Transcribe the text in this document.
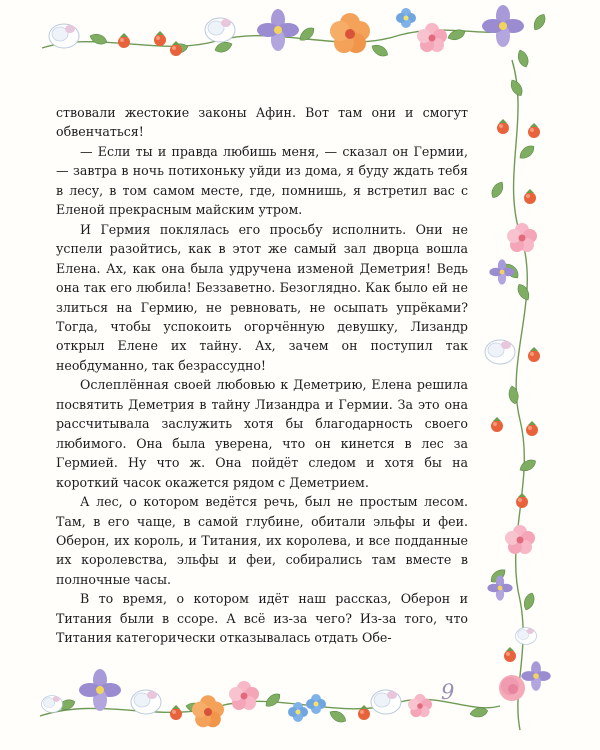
ствовали жестокие законы Афин. Вот там они и смогут обвенчаться!

— Если ты и правда любишь меня, — сказал он Гермии, — завтра в ночь потихоньку уйди из дома, я буду ждать тебя в лесу, в том самом месте, где, помнишь, я встретил вас с Еленой прекрасным майским утром.

И Гермия поклялась его просьбу исполнить. Они не успели разойтись, как в этот же самый зал дворца вошла Елена. Ах, как она была удручена изменой Деметрия! Ведь она так его любила! Беззаветно. Безоглядно. Как было ей не злиться на Гермию, не ревновать, не осыпать упрёками? Тогда, чтобы успокоить огорчённую девушку, Лизандр открыл Елене их тайну. Ах, зачем он поступил так необдуманно, так безрассудно!

Ослеплённая своей любовью к Деметрию, Елена решила посвятить Деметрия в тайну Лизандра и Гермии. За это она рассчитывала заслужить хотя бы благодарность своего любимого. Она была уверена, что он кинется в лес за Гермией. Ну что ж. Она пойдёт следом и хотя бы на короткий часок окажется рядом с Деметрием.

А лес, о котором ведётся речь, был не простым лесом. Там, в его чаще, в самой глубине, обитали эльфы и феи. Оберон, их король, и Титания, их королева, и все подданные их королевства, эльфы и феи, собирались там вместе в полночные часы.

В то время, о котором идёт наш рассказ, Оберон и Титания были в ссоре. А всё из-за чего? Из-за того, что Титания категорически отказывалась отдать Обе-

9
